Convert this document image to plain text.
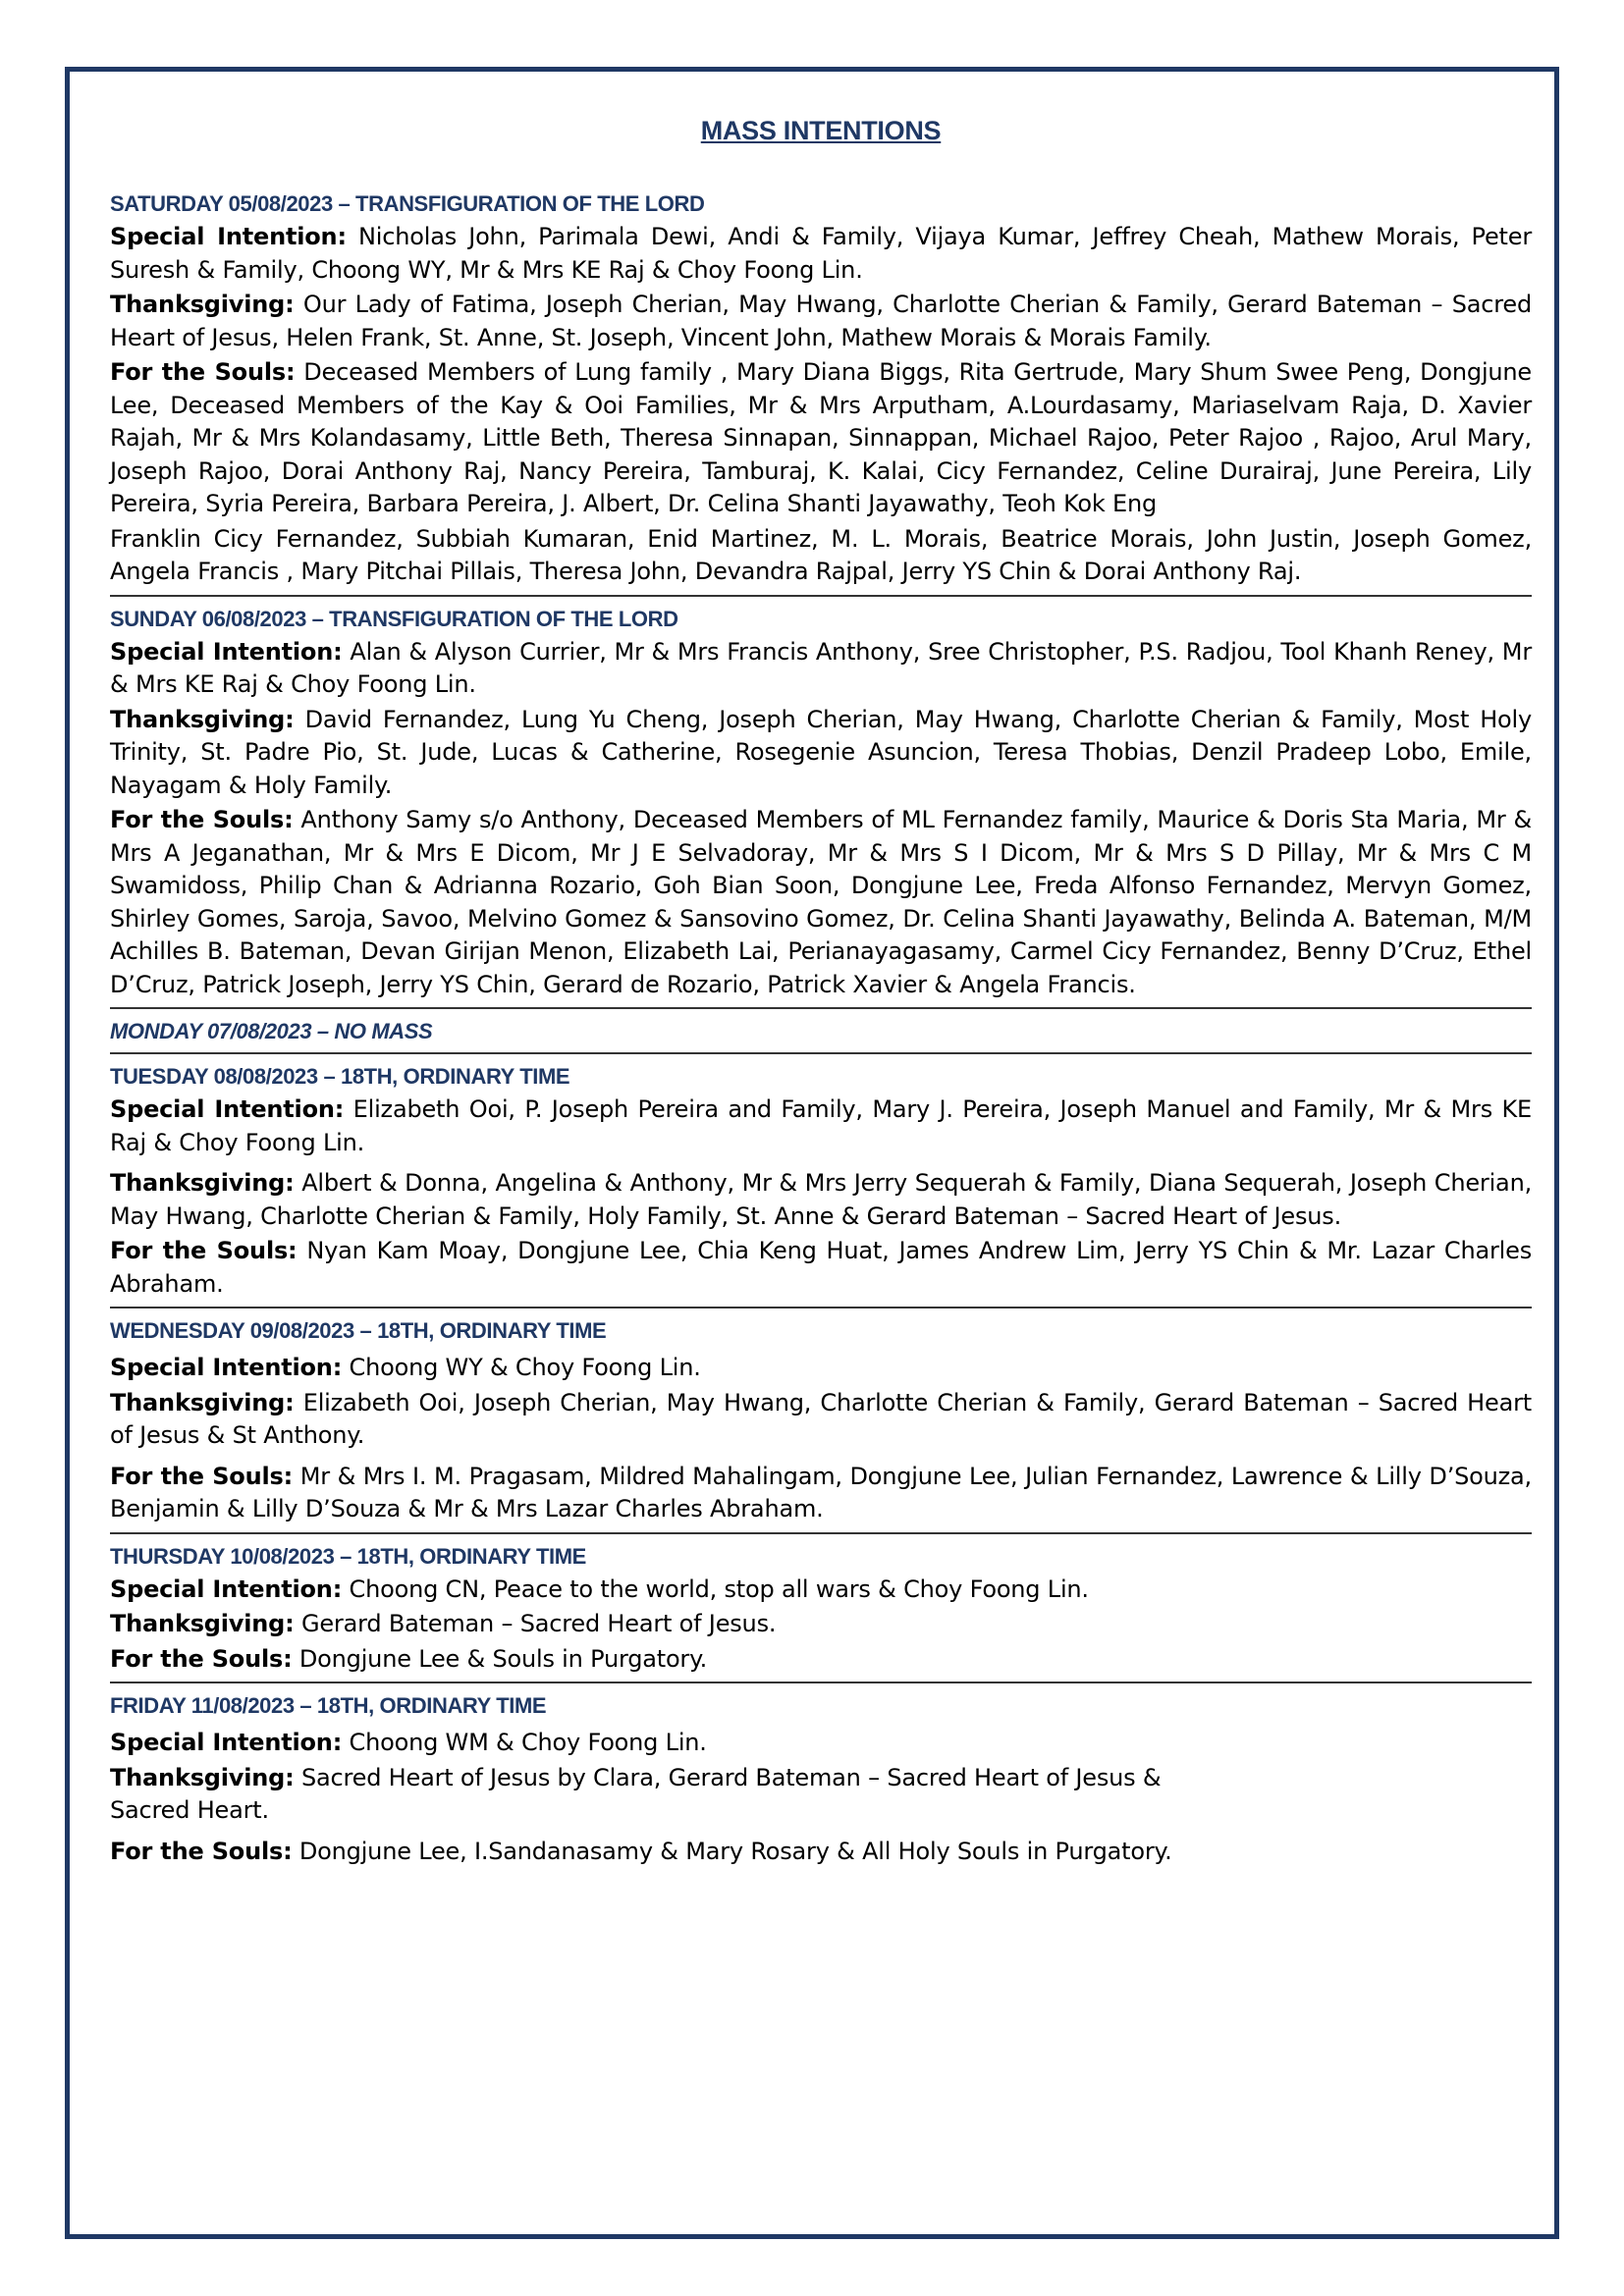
MASS INTENTIONS
SATURDAY 05/08/2023 – TRANSFIGURATION OF THE LORD

Special Intention: Nicholas John, Parimala Dewi, Andi & Family, Vijaya Kumar, Jeffrey Cheah, Mathew Morais, Peter Suresh & Family, Choong WY, Mr & Mrs KE Raj & Choy Foong Lin.

Thanksgiving: Our Lady of Fatima, Joseph Cherian, May Hwang, Charlotte Cherian & Family, Gerard Bateman – Sacred Heart of Jesus, Helen Frank, St. Anne, St. Joseph, Vincent John, Mathew Morais & Morais Family.

For the Souls: Deceased Members of Lung family , Mary Diana Biggs, Rita Gertrude, Mary Shum Swee Peng, Dongjune Lee, Deceased Members of the Kay & Ooi Families, Mr & Mrs Arputham, A.Lourdasamy, Mariaselvam Raja, D. Xavier Rajah, Mr & Mrs Kolandasamy, Little Beth, Theresa Sinnapan, Sinnappan, Michael Rajoo, Peter Rajoo , Rajoo, Arul Mary, Joseph Rajoo, Dorai Anthony Raj, Nancy Pereira, Tamburaj, K. Kalai, Cicy Fernandez, Celine Durairaj, June Pereira, Lily Pereira, Syria Pereira, Barbara Pereira, J. Albert, Dr. Celina Shanti Jayawathy, Teoh Kok Eng

Franklin Cicy Fernandez, Subbiah Kumaran, Enid Martinez, M. L. Morais, Beatrice Morais, John Justin, Joseph Gomez, Angela Francis , Mary Pitchai Pillais, Theresa John, Devandra Rajpal, Jerry YS Chin & Dorai Anthony Raj.

SUNDAY 06/08/2023 – TRANSFIGURATION OF THE LORD

Special Intention: Alan & Alyson Currier, Mr & Mrs Francis Anthony, Sree Christopher, P.S. Radjou, Tool Khanh Reney, Mr & Mrs KE Raj & Choy Foong Lin.

Thanksgiving: David Fernandez, Lung Yu Cheng, Joseph Cherian, May Hwang, Charlotte Cherian & Family, Most Holy Trinity, St. Padre Pio, St. Jude, Lucas & Catherine, Rosegenie Asuncion, Teresa Thobias, Denzil Pradeep Lobo, Emile, Nayagam & Holy Family.

For the Souls: Anthony Samy s/o Anthony, Deceased Members of ML Fernandez family, Maurice & Doris Sta Maria, Mr & Mrs A Jeganathan, Mr & Mrs E Dicom, Mr J E Selvadoray, Mr & Mrs S I Dicom, Mr & Mrs S D Pillay, Mr & Mrs C M Swamidoss, Philip Chan & Adrianna Rozario, Goh Bian Soon, Dongjune Lee, Freda Alfonso Fernandez, Mervyn Gomez, Shirley Gomes, Saroja, Savoo, Melvino Gomez & Sansovino Gomez, Dr. Celina Shanti Jayawathy, Belinda A. Bateman, M/M Achilles B. Bateman, Devan Girijan Menon, Elizabeth Lai, Perianayagasamy, Carmel Cicy Fernandez, Benny D’Cruz, Ethel D’Cruz, Patrick Joseph, Jerry YS Chin, Gerard de Rozario, Patrick Xavier & Angela Francis.

MONDAY 07/08/2023 – NO MASS
TUESDAY 08/08/2023 – 18TH, ORDINARY TIME

Special Intention: Elizabeth Ooi, P. Joseph Pereira and Family, Mary J. Pereira, Joseph Manuel and Family, Mr & Mrs KE Raj & Choy Foong Lin.

Thanksgiving: Albert & Donna, Angelina & Anthony, Mr & Mrs Jerry Sequerah & Family, Diana Sequerah, Joseph Cherian, May Hwang, Charlotte Cherian & Family, Holy Family, St. Anne & Gerard Bateman – Sacred Heart of Jesus.

For the Souls: Nyan Kam Moay, Dongjune Lee, Chia Keng Huat, James Andrew Lim, Jerry YS Chin & Mr. Lazar Charles Abraham.

WEDNESDAY 09/08/2023 – 18TH, ORDINARY TIME

Special Intention: Choong WY & Choy Foong Lin.

Thanksgiving: Elizabeth Ooi, Joseph Cherian, May Hwang, Charlotte Cherian & Family, Gerard Bateman – Sacred Heart of Jesus & St Anthony.

For the Souls: Mr & Mrs I. M. Pragasam, Mildred Mahalingam, Dongjune Lee, Julian Fernandez, Lawrence & Lilly D’Souza, Benjamin & Lilly D’Souza & Mr & Mrs Lazar Charles Abraham.

THURSDAY 10/08/2023 – 18TH, ORDINARY TIME

Special Intention: Choong CN, Peace to the world, stop all wars & Choy Foong Lin.

Thanksgiving: Gerard Bateman – Sacred Heart of Jesus.

For the Souls: Dongjune Lee & Souls in Purgatory.

FRIDAY 11/08/2023 – 18TH, ORDINARY TIME

Special Intention: Choong WM & Choy Foong Lin.

Thanksgiving: Sacred Heart of Jesus by Clara, Gerard Bateman – Sacred Heart of Jesus &
Sacred Heart.

For the Souls: Dongjune Lee, I.Sandanasamy & Mary Rosary & All Holy Souls in Purgatory.
